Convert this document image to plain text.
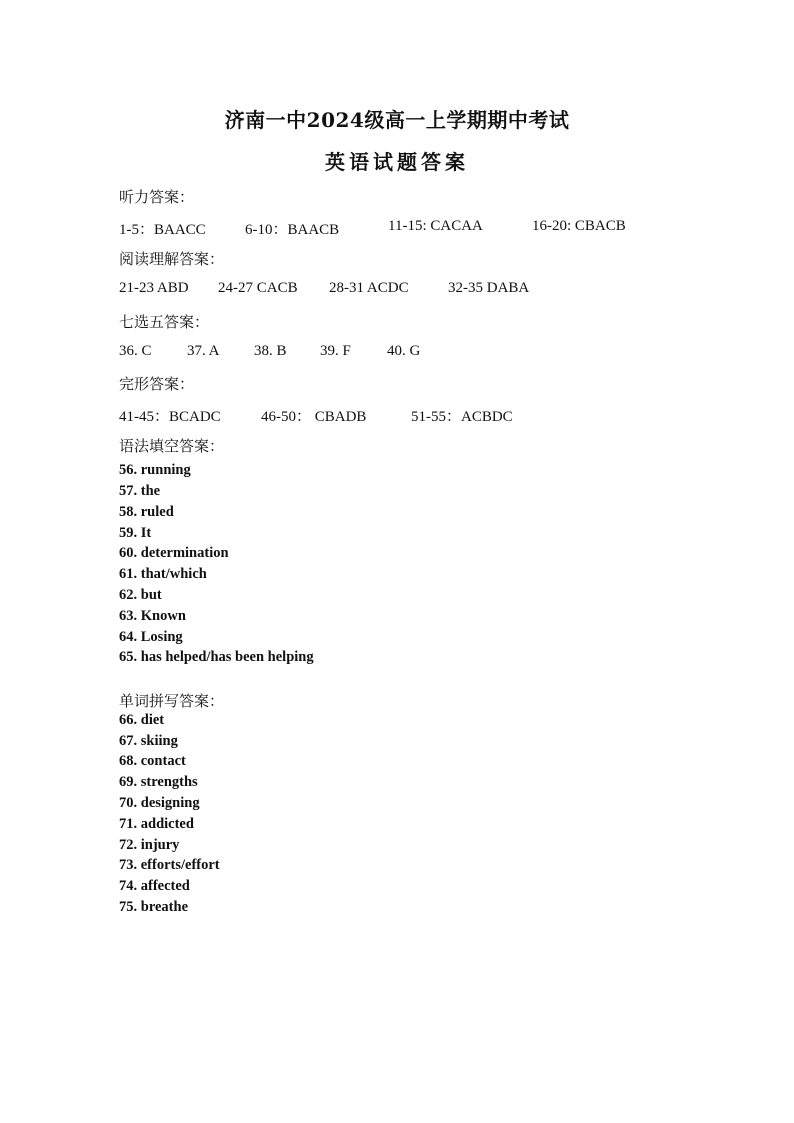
济南一中2024级高一上学期期中考试
英语试题答案
听力答案：
1-5：BAACC	6-10：BAACB	11-15: CACAA	16-20: CBACB
阅读理解答案：
21-23 ABD 24-27 CACB 28-31 ACDC	32-35 DABA
七选五答案：
36. C 37. A 38. B 39. F 40. G
完形答案：
41-45：BCADC	46-50： CBADB	51-55：ACBDC
语法填空答案：
56. running
57. the
58. ruled
59. It
60. determination
61. that/which
62. but
63. Known
64. Losing
65. has helped/has been helping
单词拼写答案：
66. diet
67. skiing
68. contact
69. strengths
70. designing
71. addicted
72. injury
73. efforts/effort
74. affected
75. breathe
